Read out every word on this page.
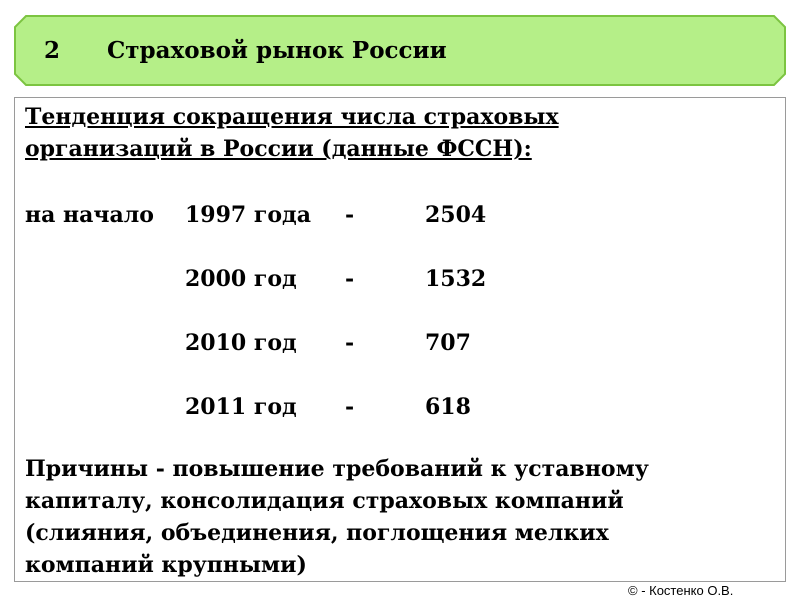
2 Страховой рынок России
Тенденция сокращения числа страховых
организаций в России (данные ФССН):
на начало 1997 года -	2504
2000 год -	1532
2010 год -	707
2011 год -	618
Причины - повышение требований к уставному
капиталу, консолидация страховых компаний
(слияния, объединения, поглощения мелких
компаний крупными)
© - Костенко О.В.
